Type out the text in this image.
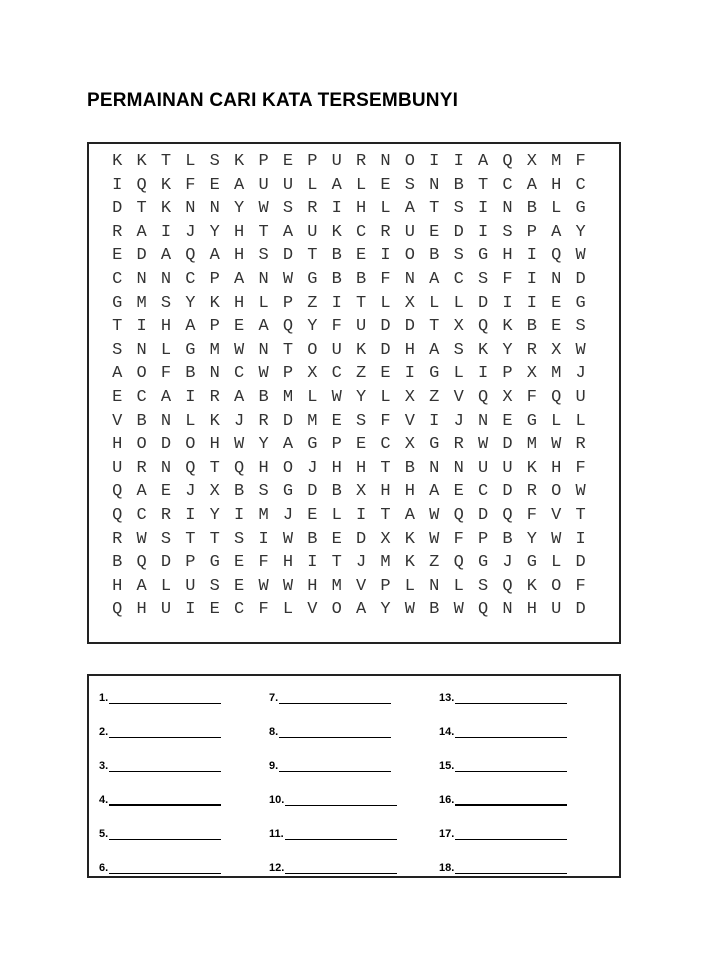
PERMAINAN CARI KATA TERSEMBUNYI
K K T L S K P E P U R N O I I A Q X M F
I Q K F E A U U L A L E S N B T C A H C
D T K N N Y W S R I H L A T S I N B L G
R A I J Y H T A U K C R U E D I S P A Y
E D A Q A H S D T B E I O B S G H I Q W
C N N C P A N W G B B F N A C S F I N D
G M S Y K H L P Z I T L X L L D I I E G
T I H A P E A Q Y F U D D T X Q K B E S
S N L G M W N T O U K D H A S K Y R X W
A O F B N C W P X C Z E I G L I P X M J
E C A I R A B M L W Y L X Z V Q X F Q U
V B N L K J R D M E S F V I J N E G L L
H O D O H W Y A G P E C X G R W D M W R
U R N Q T Q H O J H H T B N N U U K H F
Q A E J X B S G D B X H H A E C D R O W
Q C R I Y I M J E L I T A W Q D Q F V T
R W S T T S I W B E D X K W F P B Y W I
B Q D P G E F H I T J M K Z Q G J G L D
H A L U S E W W H M V P L N L S Q K O F
Q H U I E C F L V O A Y W B W Q N H U D
1.
2.
3.
4.
5.
6.
7.
8.
9.
10.
11.
12.
13.
14.
15.
16.
17.
18.
